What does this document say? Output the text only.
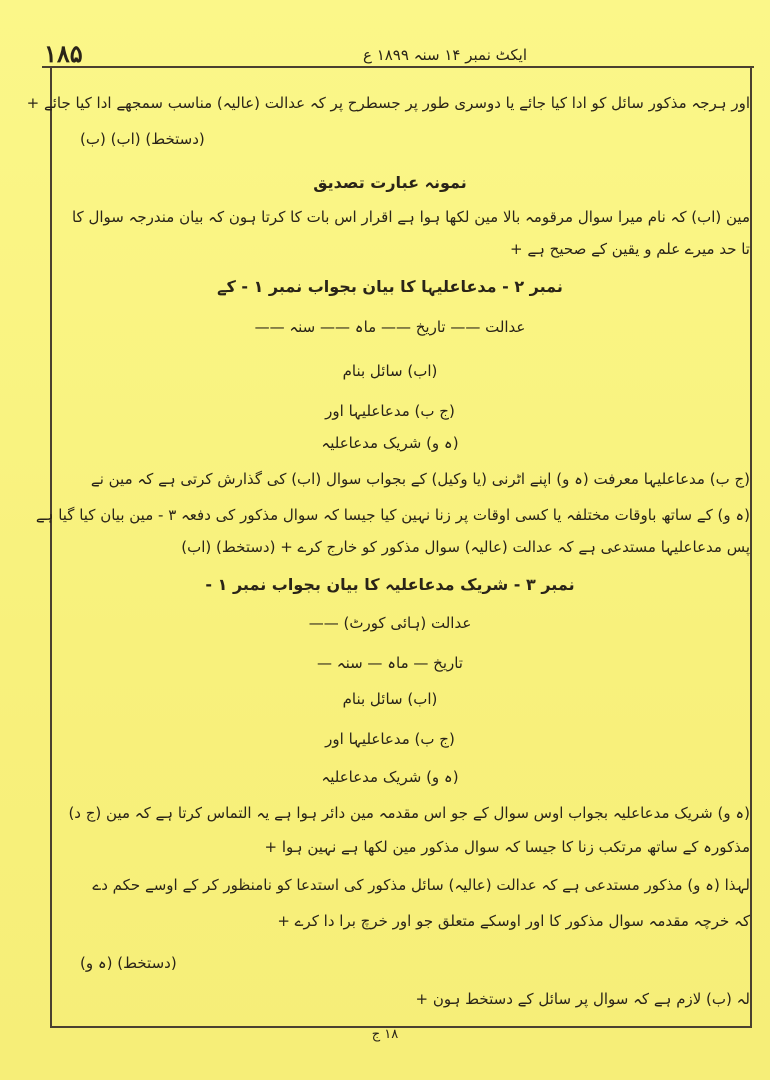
۱۸۵	ایکٹ نمبر ۱۴ سنہ ۱۸۹۹ ع
اور ہرجہ مذکور سائل کو ادا کیا جائے یا دوسری طور پر جسطرح پر کہ عدالت (عالیہ) مناسب سمجھے ادا کیا جائے +
(دستخط) (اب) (ب)
نمونہ عبارت تصدیق
مین (اب) کہ نام میرا سوال مرقومہ بالا مین لکھا ہوا ہے اقرار اس بات کا کرتا ہون کہ بیان مندرجہ سوال کا
تا حد میرے علم و یقین کے صحیح ہے +
نمبر ۲ - مدعاعلیہا کا بیان بجواب نمبر ۱ - کے
عدالت —— تاریخ —— ماہ —— سنہ ——
(اب) سائل بنام
(ج ب) مدعاعلیہا اور
(ہ و) شریک مدعاعلیہ
(ج ب) مدعاعلیہا معرفت (ہ و) اپنے اٹرنی (یا وکیل) کے بجواب سوال (اب) کی گذارش کرتی ہے کہ مین نے
(ہ و) کے ساتھ باوقات مختلفہ یا کسی اوقات پر زنا نہین کیا جیسا کہ سوال مذکور کی دفعہ ۳ - مین بیان کیا گیا ہے
پس مدعاعلیہا مستدعی ہے کہ عدالت (عالیہ) سوال مذکور کو خارج کرے + (دستخط) (اب)
نمبر ۳ - شریک مدعاعلیہ کا بیان بجواب نمبر ۱ -
عدالت (ہائی کورٹ) ——
تاریخ — ماہ — سنہ —
(اب) سائل بنام
(ج ب) مدعاعلیہا اور
(ہ و) شریک مدعاعلیہ
(ہ و) شریک مدعاعلیہ بجواب اوس سوال کے جو اس مقدمہ مین دائر ہوا ہے یہ التماس کرتا ہے کہ مین (ج د)
مذکورہ کے ساتھ مرتکب زنا کا جیسا کہ سوال مذکور مین لکھا ہے نہین ہوا +
لہذا (ہ و) مذکور مستدعی ہے کہ عدالت (عالیہ) سائل مذکور کی استدعا کو نامنظور کر کے اوسے حکم دے
کہ خرچہ مقدمہ سوال مذکور کا اور اوسکے متعلق جو اور خرچ برا دا کرے +
(دستخط) (ہ و)
لہ (ب) لازم ہے کہ سوال پر سائل کے دستخط ہون +
۱۸ ج
